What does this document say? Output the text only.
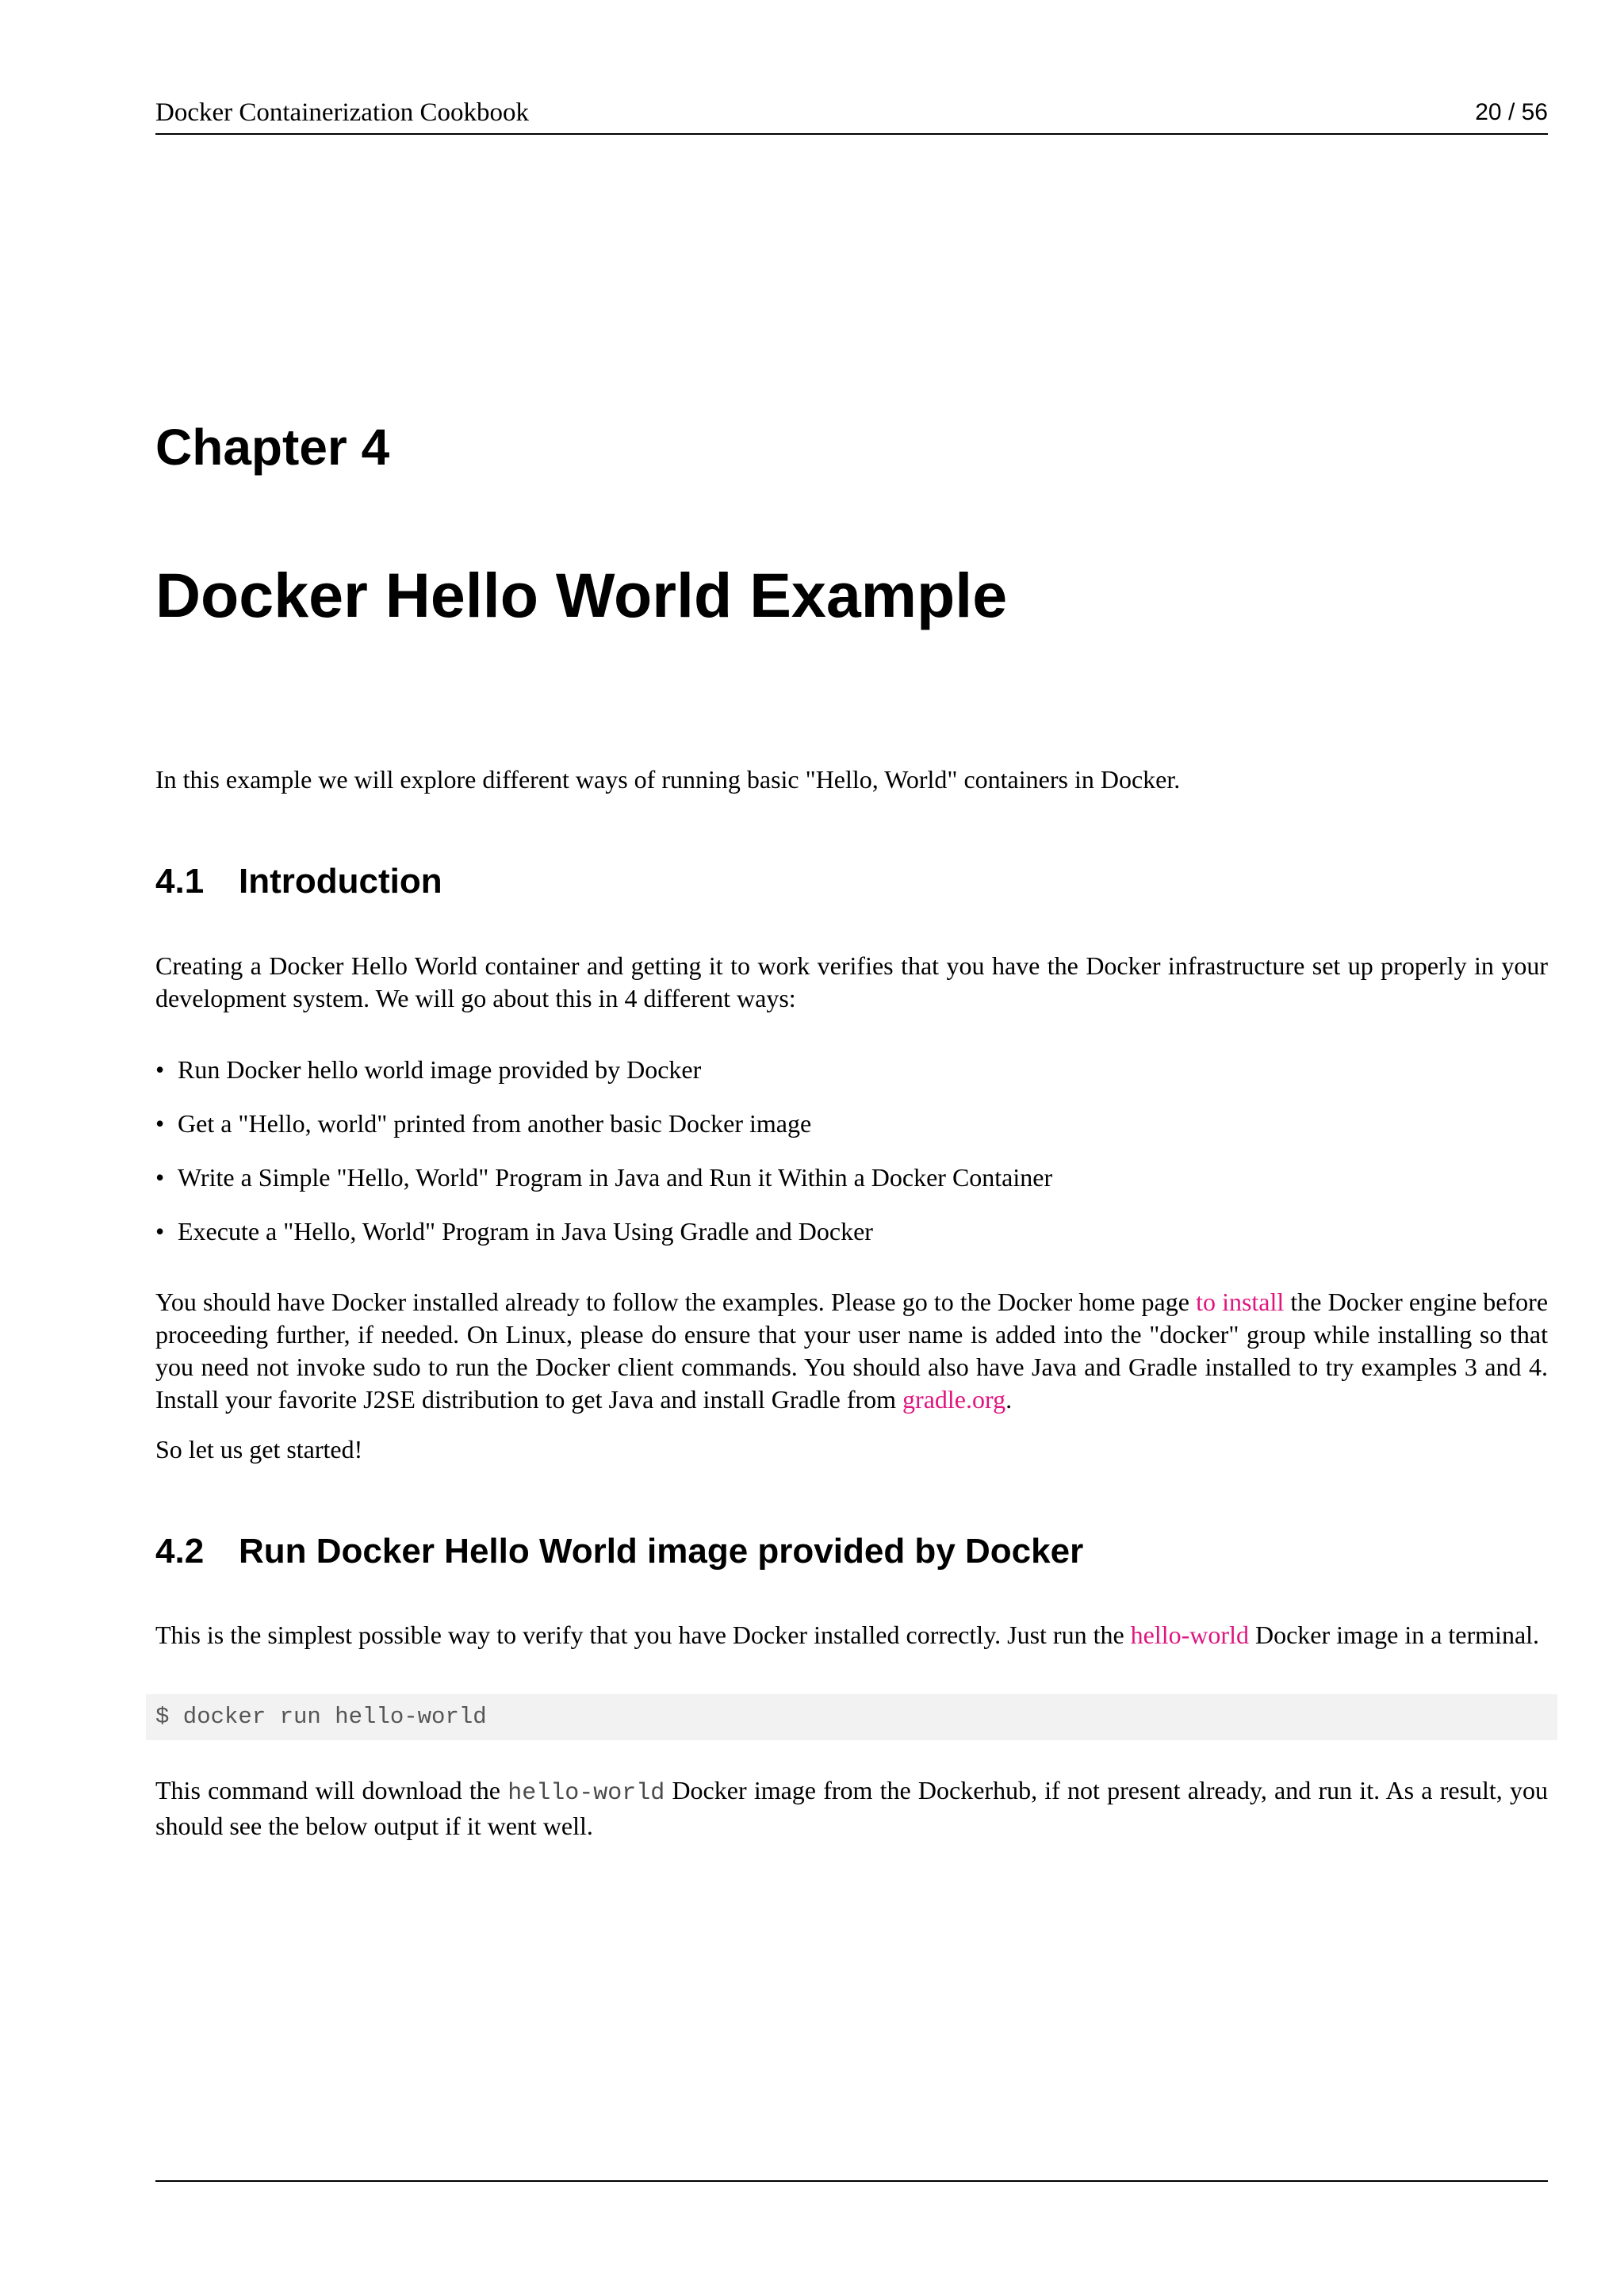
Docker Containerization Cookbook	20 / 56
Chapter 4
Docker Hello World Example

In this example we will explore different ways of running basic "Hello, World" containers in Docker.

4.1 Introduction

Creating a Docker Hello World container and getting it to work verifies that you have the Docker infrastructure set up properly in your development system. We will go about this in 4 different ways:

• Run Docker hello world image provided by Docker
• Get a "Hello, world" printed from another basic Docker image
• Write a Simple "Hello, World" Program in Java and Run it Within a Docker Container
• Execute a "Hello, World" Program in Java Using Gradle and Docker

You should have Docker installed already to follow the examples. Please go to the Docker home page to install the Docker engine before proceeding further, if needed. On Linux, please do ensure that your user name is added into the "docker" group while installing so that you need not invoke sudo to run the Docker client commands. You should also have Java and Gradle installed to try examples 3 and 4. Install your favorite J2SE distribution to get Java and install Gradle from gradle.org.

So let us get started!

4.2 Run Docker Hello World image provided by Docker

This is the simplest possible way to verify that you have Docker installed correctly. Just run the hello-world Docker image in a terminal.

$ docker run hello-world

This command will download the hello-world Docker image from the Dockerhub, if not present already, and run it. As a result, you should see the below output if it went well.
